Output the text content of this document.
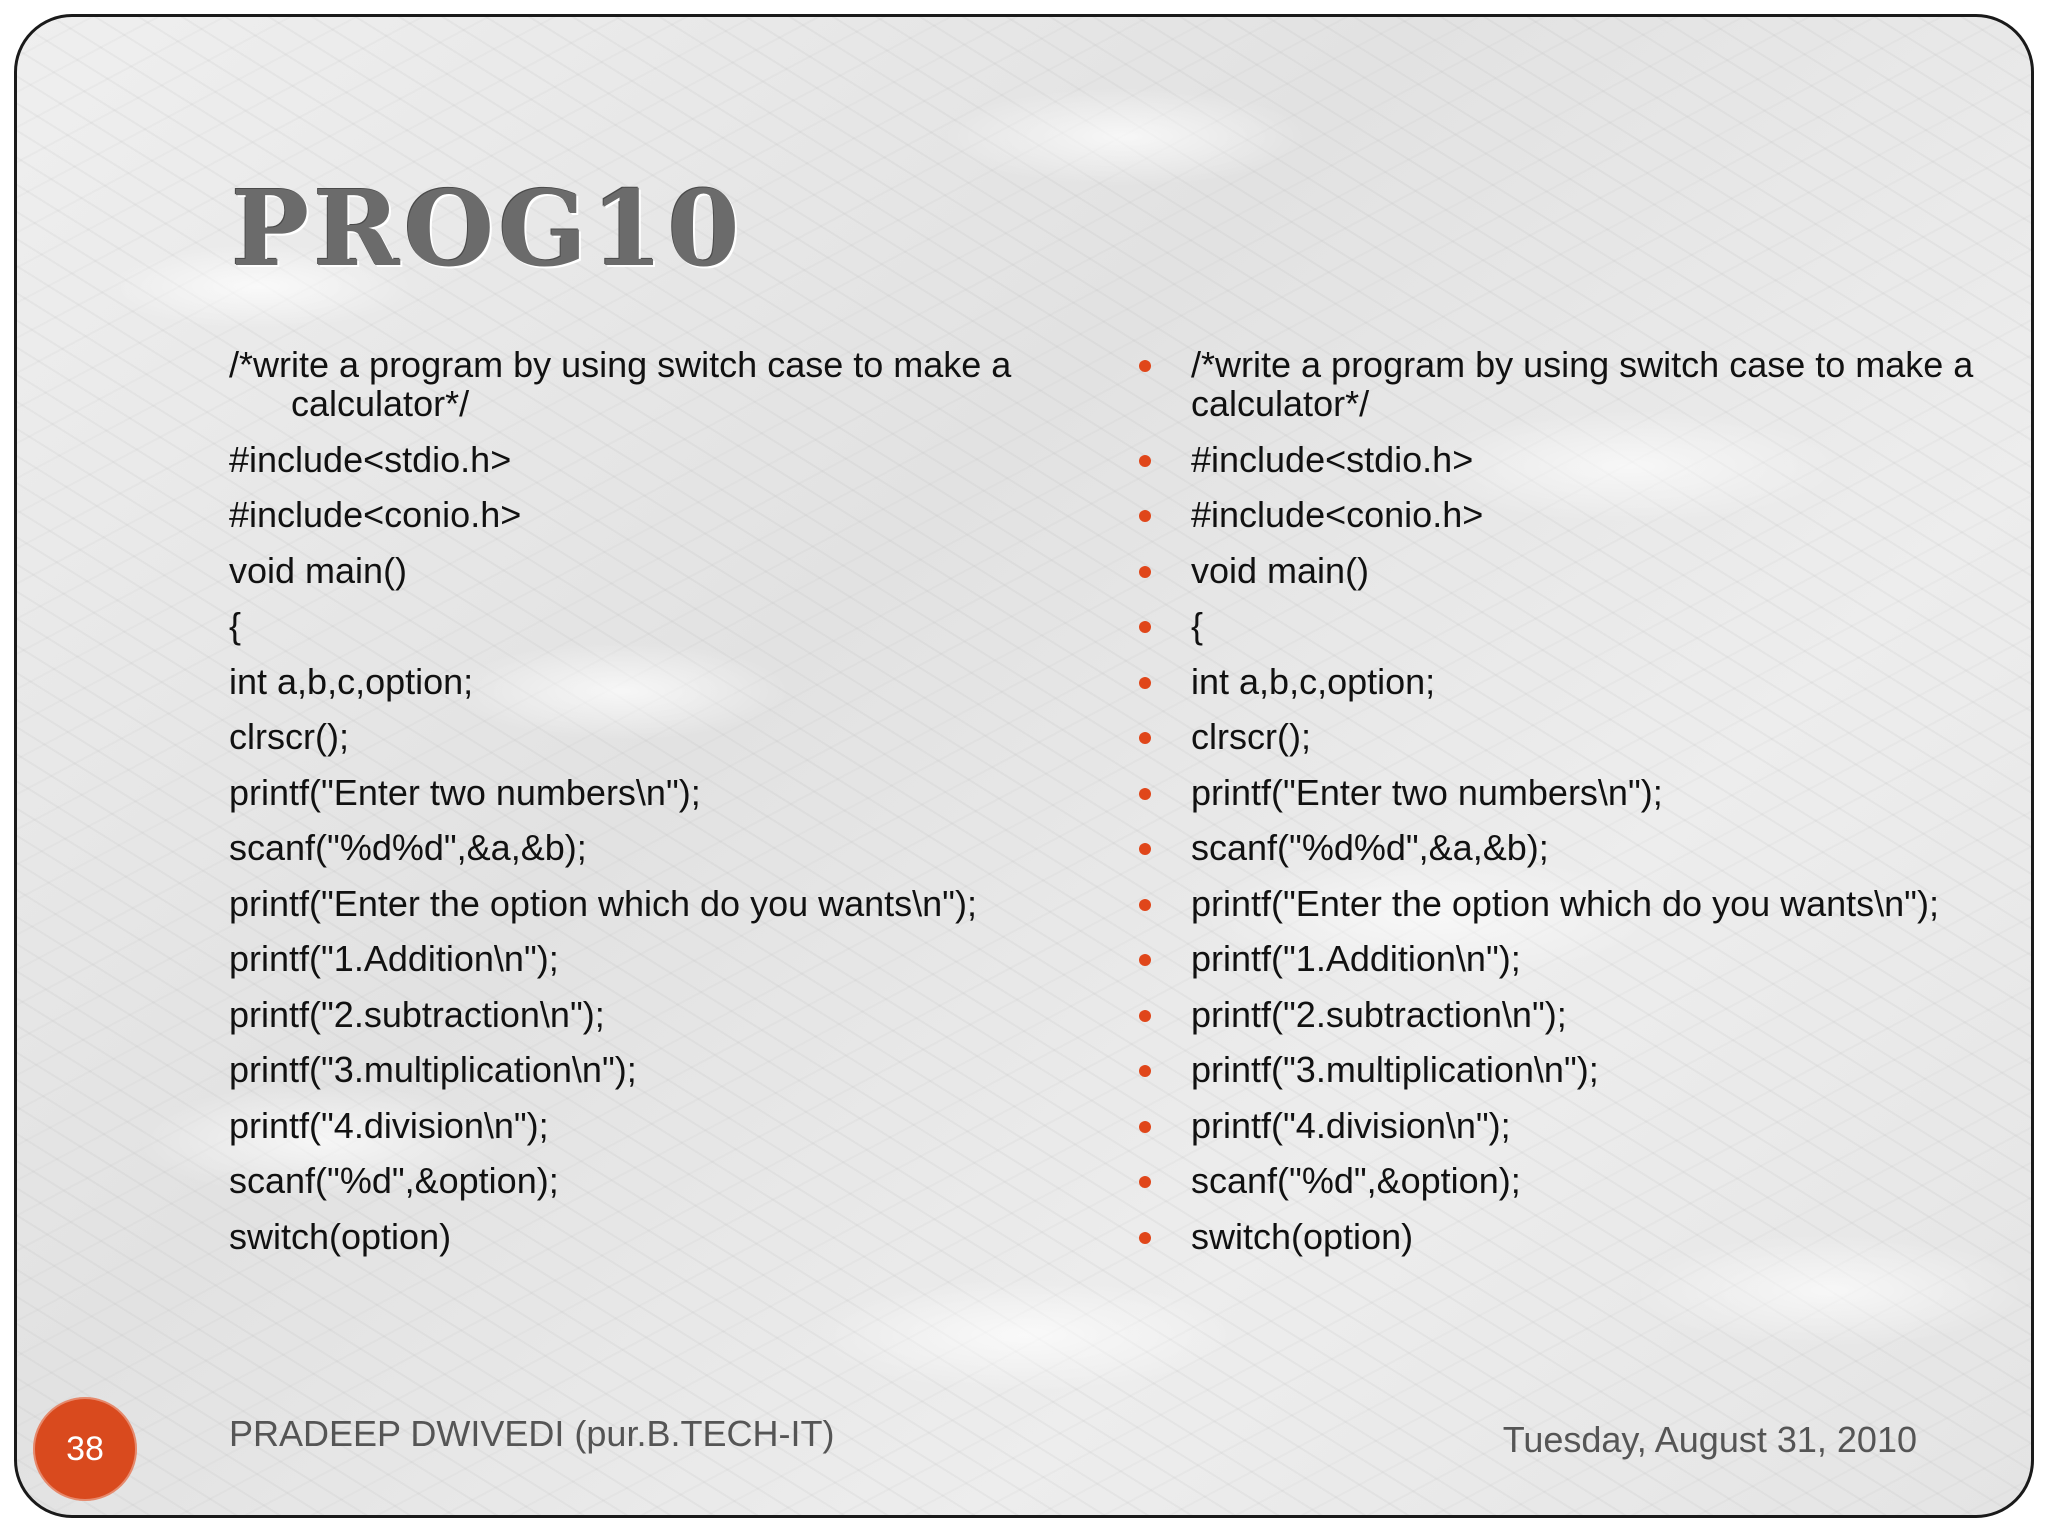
PROG10
/*write a program by using switch case to make a calculator*/
#include<stdio.h>
#include<conio.h>
void main()
{
int a,b,c,option;
clrscr();
printf("Enter two numbers\n");
scanf("%d%d",&a,&b);
printf("Enter the option which do you wants\n");
printf("1.Addition\n");
printf("2.subtraction\n");
printf("3.multiplication\n");
printf("4.division\n");
scanf("%d",&option);
switch(option)
/*write a program by using switch case to make a calculator*/
#include<stdio.h>
#include<conio.h>
void main()
{
int a,b,c,option;
clrscr();
printf("Enter two numbers\n");
scanf("%d%d",&a,&b);
printf("Enter the option which do you wants\n");
printf("1.Addition\n");
printf("2.subtraction\n");
printf("3.multiplication\n");
printf("4.division\n");
scanf("%d",&option);
switch(option)
38	PRADEEP DWIVEDI (pur.B.TECH-IT)	Tuesday, August 31, 2010
